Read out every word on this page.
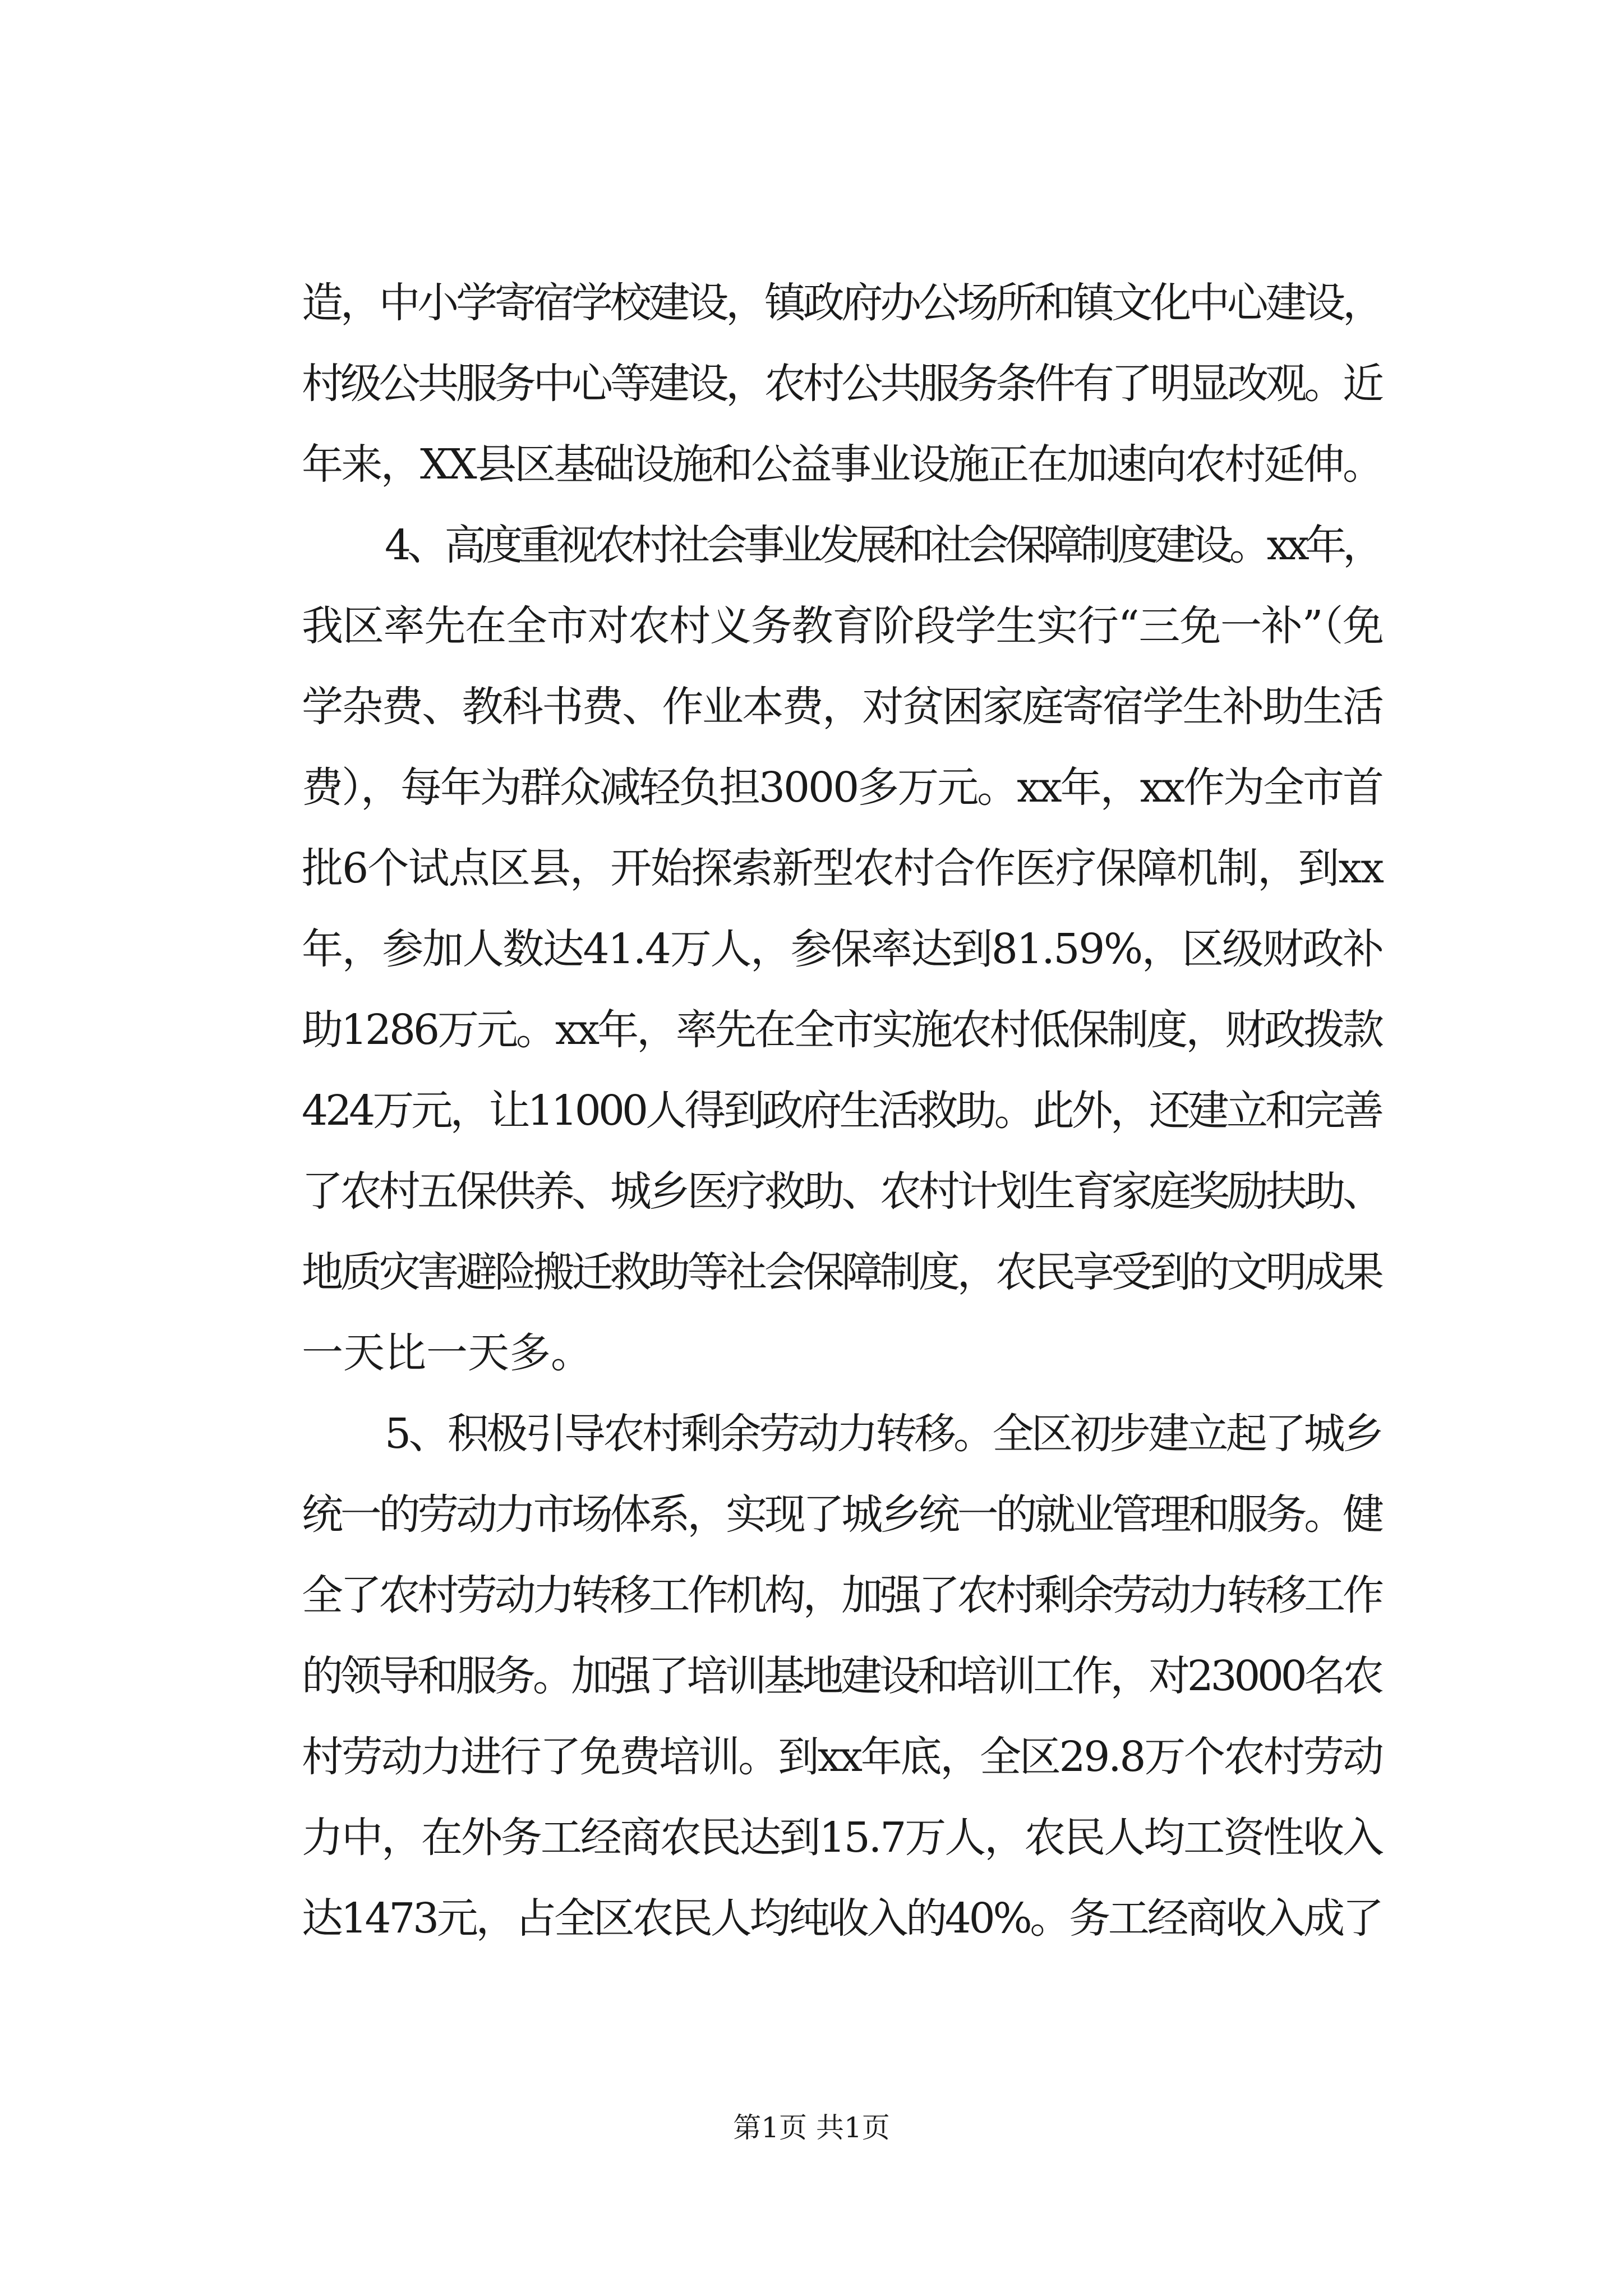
造，中小学寄宿学校建设，镇政府办公场所和镇文化中心建设，
村级公共服务中心等建设，农村公共服务条件有了明显改观。近
年来，XX县区基础设施和公益事业设施正在加速向农村延伸。
4、高度重视农村社会事业发展和社会保障制度建设。xx年，
我区率先在全市对农村义务教育阶段学生实行“三免一补”（免
学杂费、教科书费、作业本费，对贫困家庭寄宿学生补助生活
费），每年为群众减轻负担3000多万元。xx年，xx作为全市首
批6个试点区县，开始探索新型农村合作医疗保障机制，到xx
年，参加人数达41.4万人，参保率达到81.59%，区级财政补
助1286万元。xx年，率先在全市实施农村低保制度，财政拨款
424万元，让11000人得到政府生活救助。此外，还建立和完善
了农村五保供养、城乡医疗救助、农村计划生育家庭奖励扶助、
地质灾害避险搬迁救助等社会保障制度，农民享受到的文明成果
一天比一天多。
5、积极引导农村剩余劳动力转移。全区初步建立起了城乡
统一的劳动力市场体系，实现了城乡统一的就业管理和服务。健
全了农村劳动力转移工作机构，加强了农村剩余劳动力转移工作
的领导和服务。加强了培训基地建设和培训工作，对23000名农
村劳动力进行了免费培训。到xx年底，全区29.8万个农村劳动
力中，在外务工经商农民达到15.7万人，农民人均工资性收入
达1473元，占全区农民人均纯收入的40%。务工经商收入成了
第1页 共1页
